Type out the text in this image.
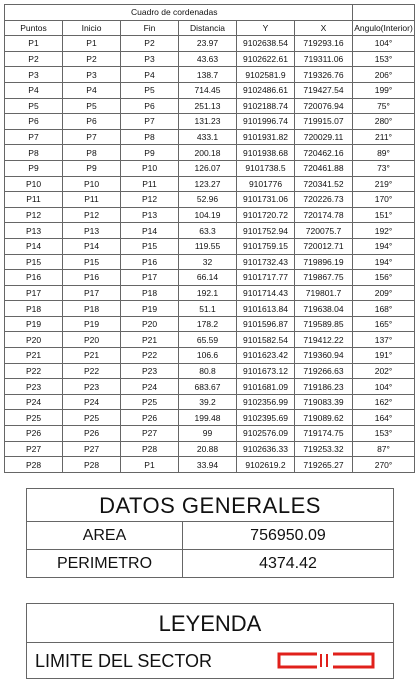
Cuadro de cordenadas						
Puntos	Inicio	Fin	Distancia	Y	X	Angulo(Interior)
P1	P1	P2	23.97	9102638.54	719293.16	104°
P2	P2	P3	43.63	9102622.61	719311.06	153°
P3	P3	P4	138.7	9102581.9	719326.76	206°
P4	P4	P5	714.45	9102486.61	719427.54	199°
P5	P5	P6	251.13	9102188.74	720076.94	75°
P6	P6	P7	131.23	9101996.74	719915.07	280°
P7	P7	P8	433.1	9101931.82	720029.11	211°
P8	P8	P9	200.18	9101938.68	720462.16	89°
P9	P9	P10	126.07	9101738.5	720461.88	73°
P10	P10	P11	123.27	9101776	720341.52	219°
P11	P11	P12	52.96	9101731.06	720226.73	170°
P12	P12	P13	104.19	9101720.72	720174.78	151°
P13	P13	P14	63.3	9101752.94	720075.7	192°
P14	P14	P15	119.55	9101759.15	720012.71	194°
P15	P15	P16	32	9101732.43	719896.19	194°
P16	P16	P17	66.14	9101717.77	719867.75	156°
P17	P17	P18	192.1	9101714.43	719801.7	209°
P18	P18	P19	51.1	9101613.84	719638.04	168°
P19	P19	P20	178.2	9101596.87	719589.85	165°
P20	P20	P21	65.59	9101582.54	719412.22	137°
P21	P21	P22	106.6	9101623.42	719360.94	191°
P22	P22	P23	80.8	9101673.12	719266.63	202°
P23	P23	P24	683.67	9101681.09	719186.23	104°
P24	P24	P25	39.2	9102356.99	719083.39	162°
P25	P25	P26	199.48	9102395.69	719089.62	164°
P26	P26	P27	99	9102576.09	719174.75	153°
P27	P27	P28	20.88	9102636.33	719253.32	87°
P28	P28	P1	33.94	9102619.2	719265.27	270°
DATOS GENERALES
AREA	756950.09
PERIMETRO	4374.42
LEYENDA
LIMITE DEL SECTOR
